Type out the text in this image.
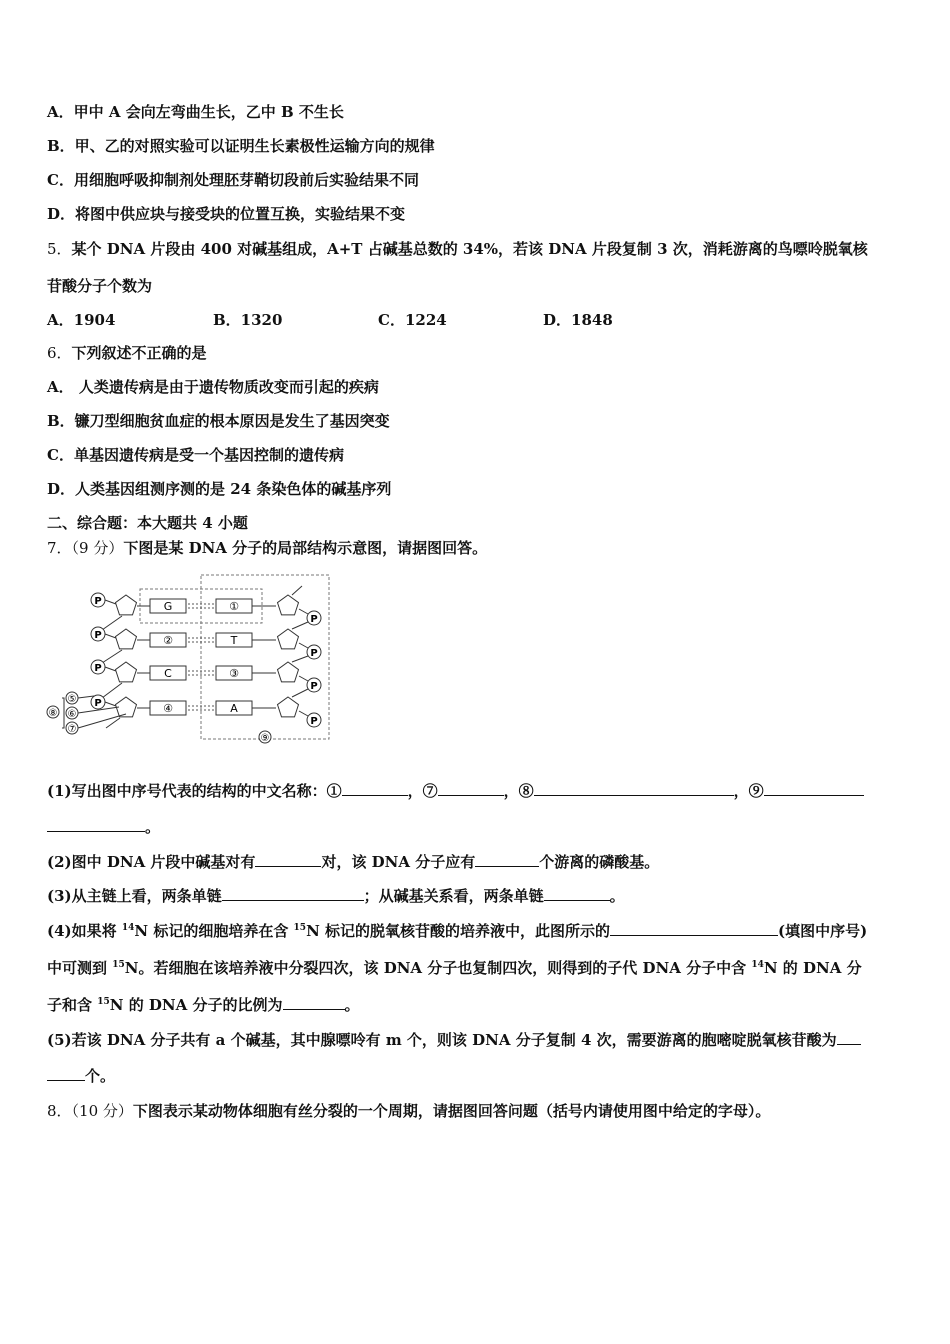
A．甲中 A 会向左弯曲生长，乙中 B 不生长
B．甲、乙的对照实验可以证明生长素极性运输方向的规律
C．用细胞呼吸抑制剂处理胚芽鞘切段前后实验结果不同
D．将图中供应块与接受块的位置互换，实验结果不变
5．某个 DNA 片段由 400 对碱基组成，A+T 占碱基总数的 34%，若该 DNA 片段复制 3 次，消耗游离的鸟嘌呤脱氧核
苷酸分子个数为
A．1904	B．1320	C．1224	D．1848
6．下列叙述不正确的是
A． 人类遗传病是由于遗传物质改变而引起的疾病
B．镰刀型细胞贫血症的根本原因是发生了基因突变
C．单基因遗传病是受一个基因控制的遗传病
D．人类基因组测序测的是 24 条染色体的碱基序列
二、综合题：本大题共 4 小题
7．（9 分）下图是某 DNA 分子的局部结构示意图，请据图回答。
P	G	①
P
P	②	T
P
P	C	③
P
P	④	A
P
⑤
⑥
⑦
⑧
⑨
(1)写出图中序号代表的结构的中文名称：①	，⑦	，⑧	，⑨
。
(2)图中 DNA 片段中碱基对有	对，该 DNA 分子应有	个游离的磷酸基。
(3)从主链上看，两条单链	；从碱基关系看，两条单链	。
(4)如果将 $^{14}$N 标记的细胞培养在含 $^{15}$N 标记的脱氧核苷酸的培养液中，此图所示的	(填图中序号)
中可测到 $^{15}$N。若细胞在该培养液中分裂四次，该 DNA 分子也复制四次，则得到的子代 DNA 分子中含 $^{14}$N 的 DNA 分
子和含 $^{15}$N 的 DNA 分子的比例为	。
(5)若该 DNA 分子共有 a 个碱基，其中腺嘌呤有 m 个，则该 DNA 分子复制 4 次，需要游离的胞嘧啶脱氧核苷酸为
个。
8．（10 分）下图表示某动物体细胞有丝分裂的一个周期，请据图回答问题（括号内请使用图中给定的字母）。
